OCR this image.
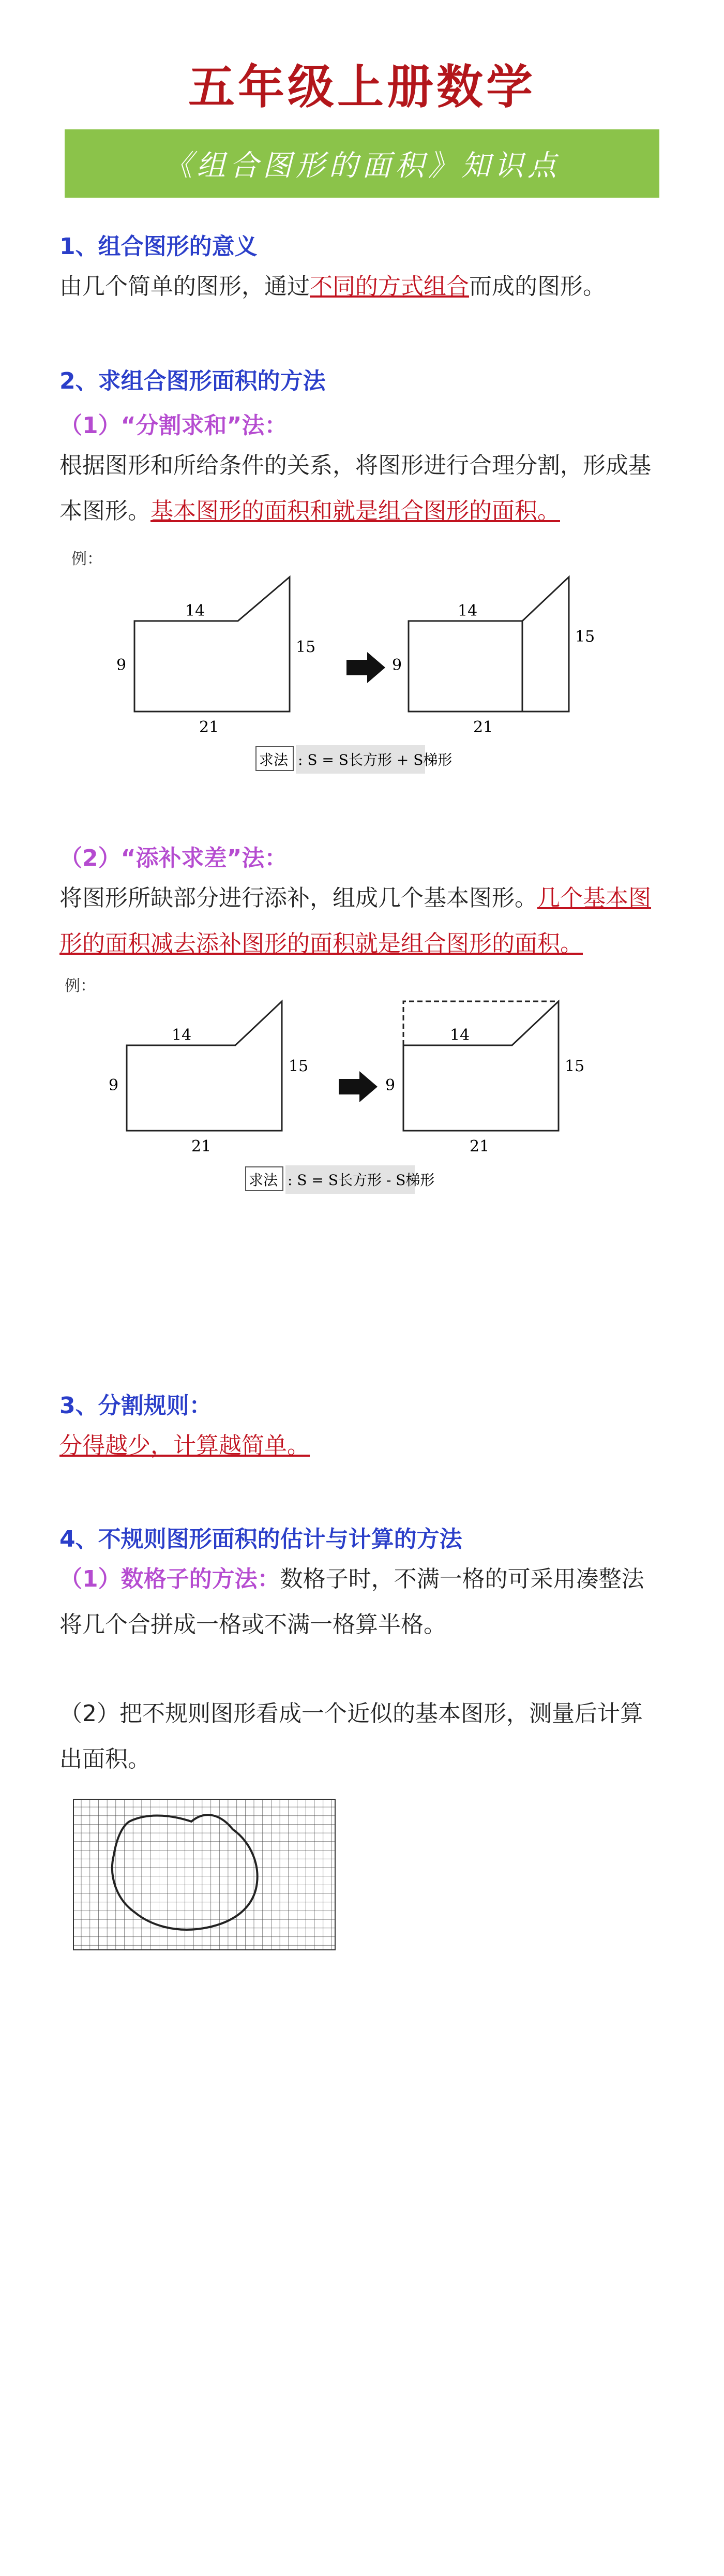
五年级上册数学
《组合图形的面积》知识点
1、组合图形的意义

由几个简单的图形，通过不同的方式组合而成的图形。

2、求组合图形面积的方法
（1）“分割求和”法：

根据图形和所给条件的关系，将图形进行合理分割，形成基本图形。基本图形的面积和就是组合图形的面积。

例：
14
9
15
21
14
9
15
21
求法 : S = S长方形 + S梯形
（2）“添补求差”法：

将图形所缺部分进行添补，组成几个基本图形。几个基本图形的面积减去添补图形的面积就是组合图形的面积。

例：
14
9
15
21
14
9
15
21
求法 : S = S长方形 - S梯形
3、分割规则：

分得越少，计算越简单。

4、不规则图形面积的估计与计算的方法

（1）数格子的方法：数格子时，不满一格的可采用凑整法将几个合拼成一格或不满一格算半格。

（2）把不规则图形看成一个近似的基本图形，测量后计算出面积。
